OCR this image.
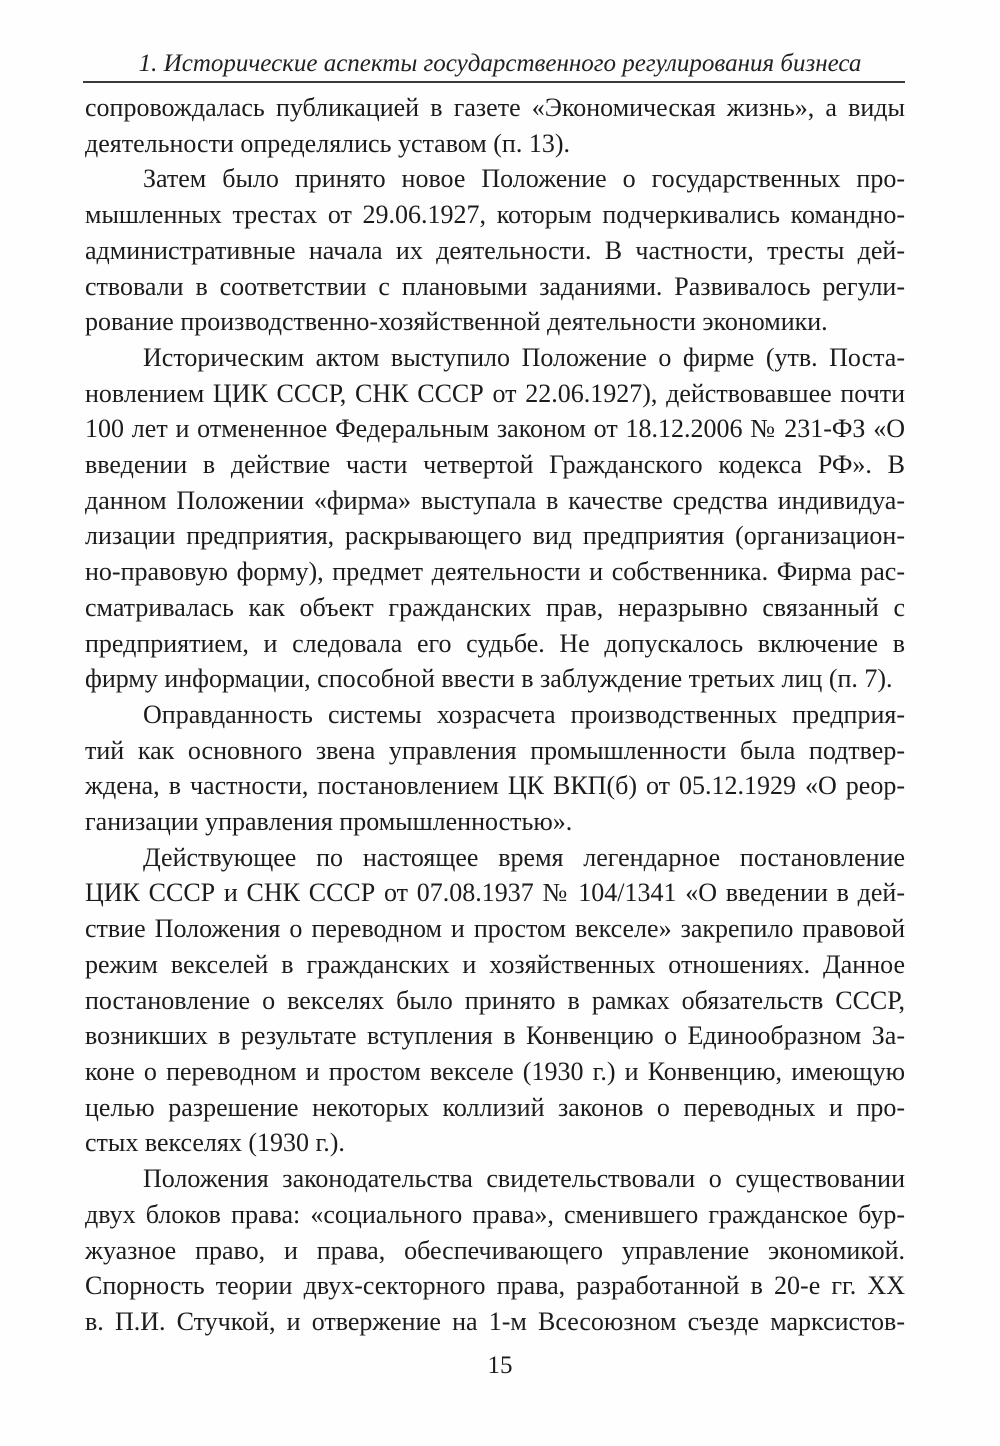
1. Исторические аспекты государственного регулирования бизнеса
сопровождалась публикацией в газете «Экономическая жизнь», а виды
деятельности определялись уставом (п. 13).
Затем было принято новое Положение о государственных про-
мышленных трестах от 29.06.1927, которым подчеркивались командно-
административные начала их деятельности. В частности, тресты дей-
ствовали в соответствии с плановыми заданиями. Развивалось регули-
рование производственно-хозяйственной деятельности экономики.
Историческим актом выступило Положение о фирме (утв. Поста-
новлением ЦИК СССР, СНК СССР от 22.06.1927), действовавшее почти
100 лет и отмененное Федеральным законом от 18.12.2006 № 231-ФЗ «О
введении в действие части четвертой Гражданского кодекса РФ». В
данном Положении «фирма» выступала в качестве средства индивидуа-
лизации предприятия, раскрывающего вид предприятия (организацион-
но-правовую форму), предмет деятельности и собственника. Фирма рас-
сматривалась как объект гражданских прав, неразрывно связанный с
предприятием, и следовала его судьбе. Не допускалось включение в
фирму информации, способной ввести в заблуждение третьих лиц (п. 7).
Оправданность системы хозрасчета производственных предприя-
тий как основного звена управления промышленности была подтвер-
ждена, в частности, постановлением ЦК ВКП(б) от 05.12.1929 «О реор-
ганизации управления промышленностью».
Действующее по настоящее время легендарное постановление
ЦИК СССР и СНК СССР от 07.08.1937 № 104/1341 «О введении в дей-
ствие Положения о переводном и простом векселе» закрепило правовой
режим векселей в гражданских и хозяйственных отношениях. Данное
постановление о векселях было принято в рамках обязательств СССР,
возникших в результате вступления в Конвенцию о Единообразном За-
коне о переводном и простом векселе (1930 г.) и Конвенцию, имеющую
целью разрешение некоторых коллизий законов о переводных и про-
стых векселях (1930 г.).
Положения законодательства свидетельствовали о существовании
двух блоков права: «социального права», сменившего гражданское бур-
жуазное право, и права, обеспечивающего управление экономикой.
Спорность теории двух-секторного права, разработанной в 20-е гг. XX
в. П.И. Стучкой, и отвержение на 1-м Всесоюзном съезде марксистов-
15
